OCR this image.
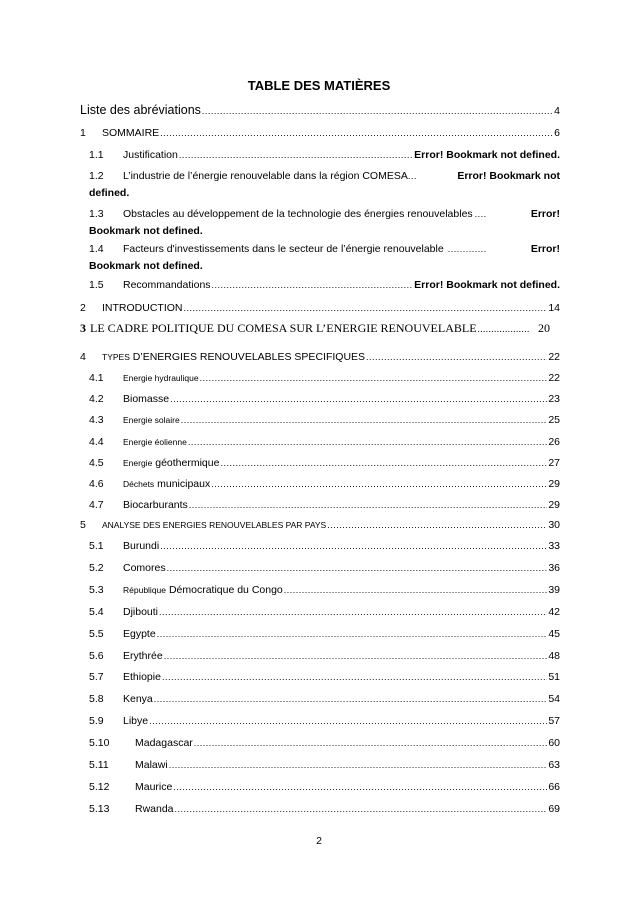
TABLE DES MATIÈRES
Liste des abréviations .....	4
1	SOMMAIRE .....	6
1.1	Justification .....	Error! Bookmark not defined.
1.2	L’industrie de l’énergie renouvelable dans la région COMESA ...	Error! Bookmark not
defined.
1.3	Obstacles au développement de la technologie des énergies renouvelables ....	Error!
Bookmark not defined.
1.4	Facteurs d'investissements dans le secteur de l’énergie renouvelable .............	Error!
Bookmark not defined.
1.5	Recommandations .....	Error! Bookmark not defined.
2	INTRODUCTION .....	14
3 LE CADRE POLITIQUE DU COMESA SUR L’ENERGIE RENOUVELABLE .....	20
4	TYPES D’ENERGIES RENOUVELABLES SPECIFIQUES .....	22
4.1	Energie hydraulique .....	22
4.2	Biomasse .....	23
4.3	Energie solaire .....	25
4.4	Energie éolienne .....	26
4.5	Energie géothermique .....	27
4.6	Déchets municipaux .....	29
4.7	Biocarburants .....	29
5	ANALYSE DES ENERGIES RENOUVELABLES PAR PAYS .....	30
5.1	Burundi .....	33
5.2	Comores .....	36
5.3	République Démocratique du Congo .....	39
5.4	Djibouti .....	42
5.5	Egypte .....	45
5.6	Erythrée .....	48
5.7	Ethiopie .....	51
5.8	Kenya .....	54
5.9	Libye .....	57
5.10	Madagascar .....	60
5.11	Malawi .....	63
5.12	Maurice .....	66
5.13	Rwanda .....	69
2
